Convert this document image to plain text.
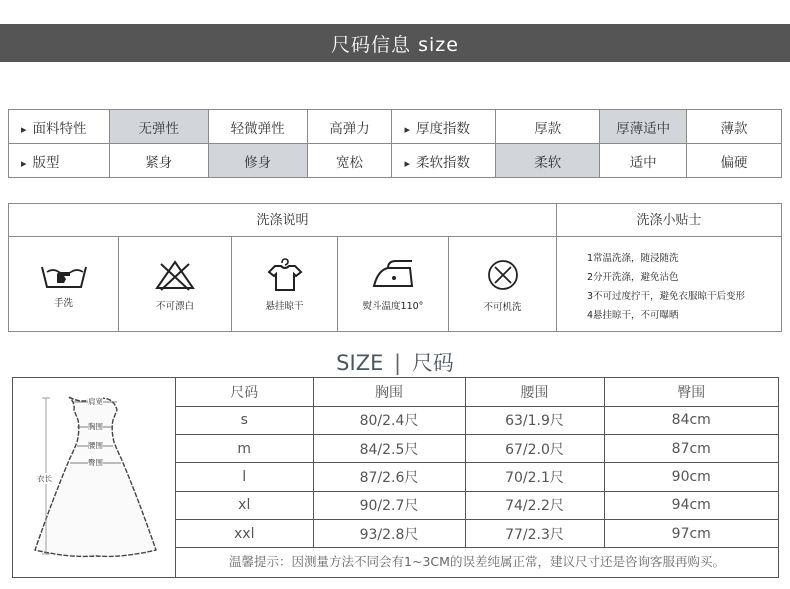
尺码信息 size
▸ 面料特性	无弹性	轻微弹性	高弹力	▸ 厚度指数	厚款	厚薄适中	薄款
▸ 版型	紧身	修身	宽松	▸ 柔软指数	柔软	适中	偏硬
洗涤说明	洗涤小贴士
手洗	不可漂白	悬挂晾干	熨斗温度110°	不可机洗
1常温洗涤，随浸随洗
2分开洗涤，避免沾色
3不可过度拧干，避免衣服晾干后变形
4悬挂晾干，不可曝晒
SIZE | 尺码
肩宽
胸围
腰围
臀围
衣长
尺码	胸围	腰围	臀围
s	80/2.4尺	63/1.9尺	84cm
m	84/2.5尺	67/2.0尺	87cm
l	87/2.6尺	70/2.1尺	90cm
xl	90/2.7尺	74/2.2尺	94cm
xxl	93/2.8尺	77/2.3尺	97cm
温馨提示：因测量方法不同会有1~3CM的误差纯属正常，建议尺寸还是咨询客服再购买。
